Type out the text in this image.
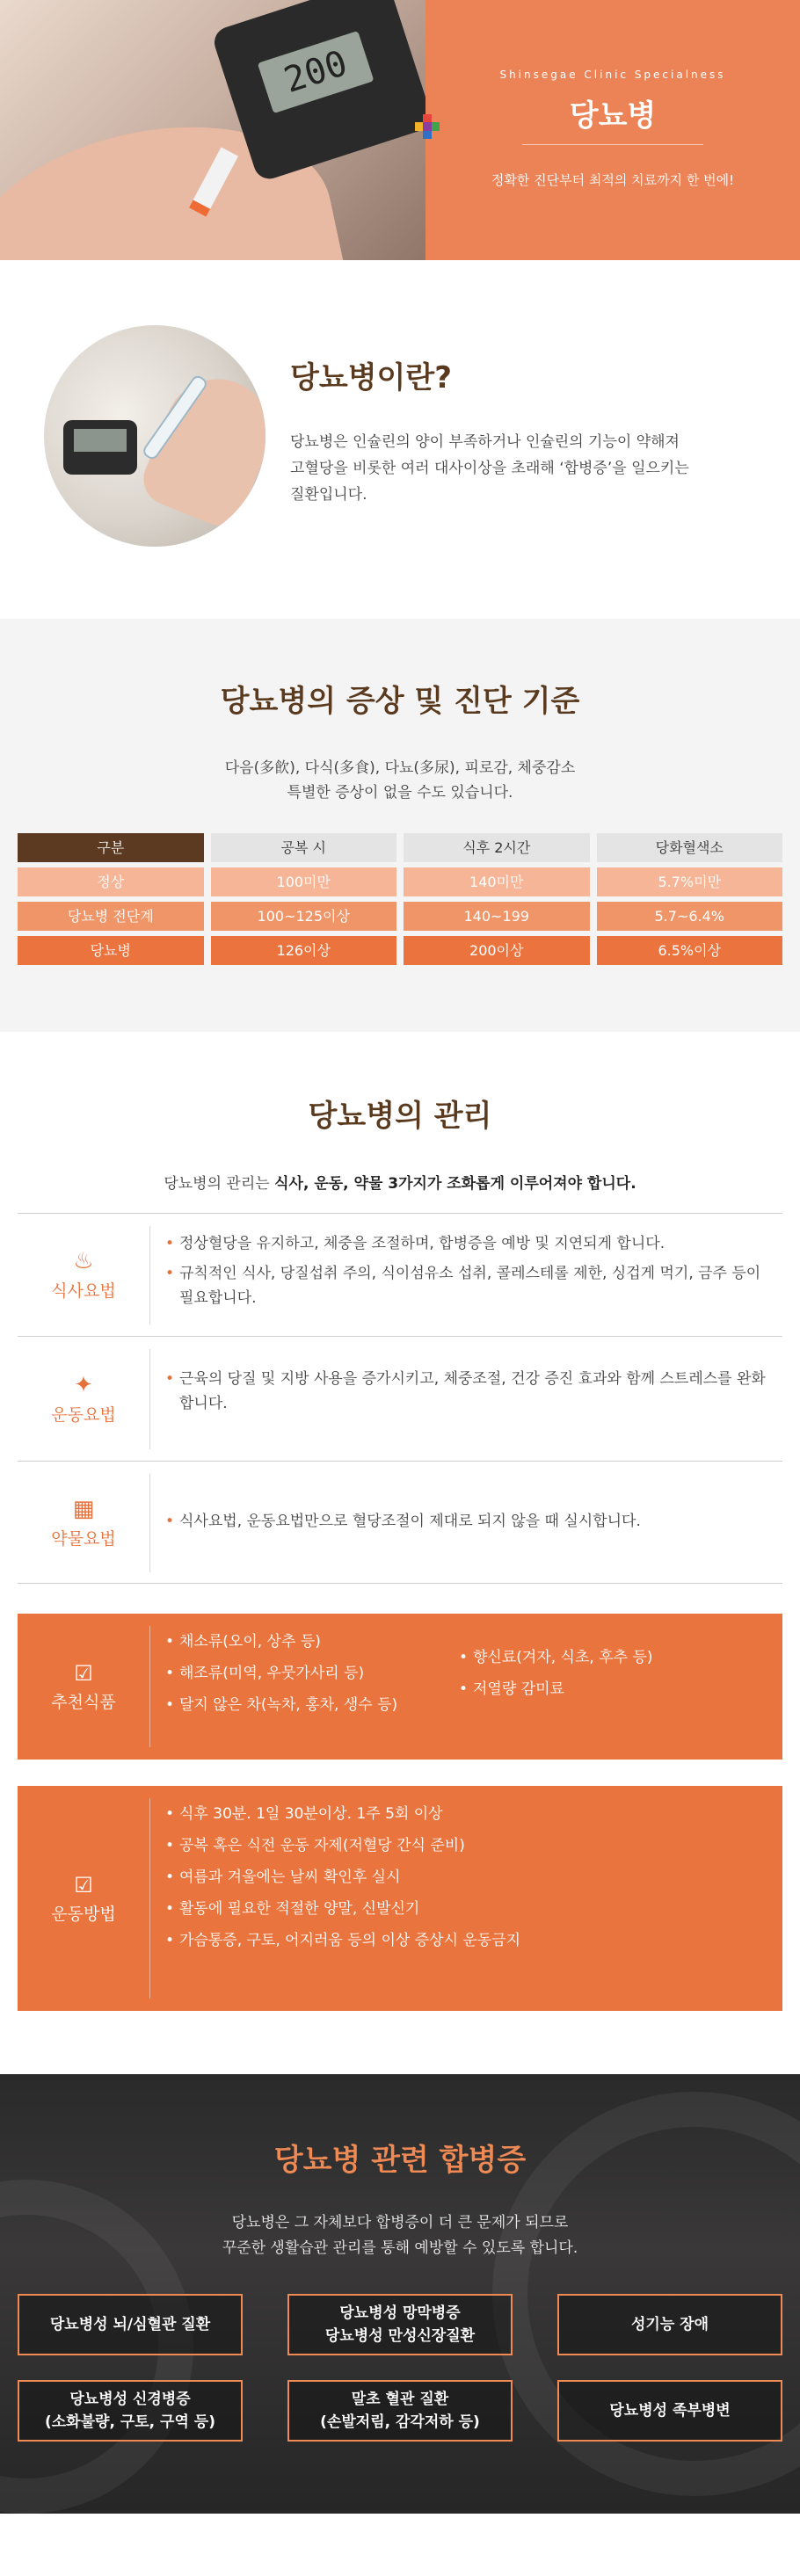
200	Shinsegae Clinic Specialness
당뇨병
정확한 진단부터 최적의 치료까지 한 번에!
당뇨병이란?
당뇨병은 인슐린의 양이 부족하거나 인슐린의 기능이 약해져
고혈당을 비롯한 여러 대사이상을 초래해 ‘합병증’을 일으키는
질환입니다.
당뇨병의 증상 및 진단 기준
다음(多飮), 다식(多食), 다뇨(多尿), 피로감, 체중감소
특별한 증상이 없을 수도 있습니다.
구분	공복 시	식후 2시간	당화혈색소
정상	100미만	140미만	5.7%미만
당뇨병 전단계	100~125이상	140~199	5.7~6.4%
당뇨병	126이상	200이상	6.5%이상
당뇨병의 관리
당뇨병의 관리는 식사, 운동, 약물 3가지가 조화롭게 이루어져야 합니다.
♨
식사요법
• 정상혈당을 유지하고, 체중을 조절하며, 합병증을 예방 및 지연되게 합니다.
• 규칙적인 식사, 당질섭취 주의, 식이섬유소 섭취, 콜레스테롤 제한, 싱겁게 먹기, 금주 등이 필요합니다.
✦
운동요법
• 근육의 당질 및 지방 사용을 증가시키고, 체중조절, 건강 증진 효과와 함께 스트레스를 완화합니다.
▦
약물요법
• 식사요법, 운동요법만으로 혈당조절이 제대로 되지 않을 때 실시합니다.
☑
추천식품
• 채소류(오이, 상추 등)
• 해조류(미역, 우뭇가사리 등)
• 달지 않은 차(녹차, 홍차, 생수 등)
• 향신료(겨자, 식초, 후추 등)
• 저열량 감미료
☑
운동방법
• 식후 30분. 1일 30분이상. 1주 5회 이상
• 공복 혹은 식전 운동 자제(저혈당 간식 준비)
• 여름과 겨울에는 날씨 확인후 실시
• 활동에 필요한 적절한 양말, 신발신기
• 가슴통증, 구토, 어지러움 등의 이상 증상시 운동금지
당뇨병 관련 합병증
당뇨병은 그 자체보다 합병증이 더 큰 문제가 되므로
꾸준한 생활습관 관리를 통해 예방할 수 있도록 합니다.
당뇨병성 뇌/심혈관 질환
당뇨병성 망막병증
당뇨병성 만성신장질환
성기능 장애
당뇨병성 신경병증
(소화불량, 구토, 구역 등)
말초 혈관 질환
(손발저림, 감각저하 등)
당뇨병성 족부병변
